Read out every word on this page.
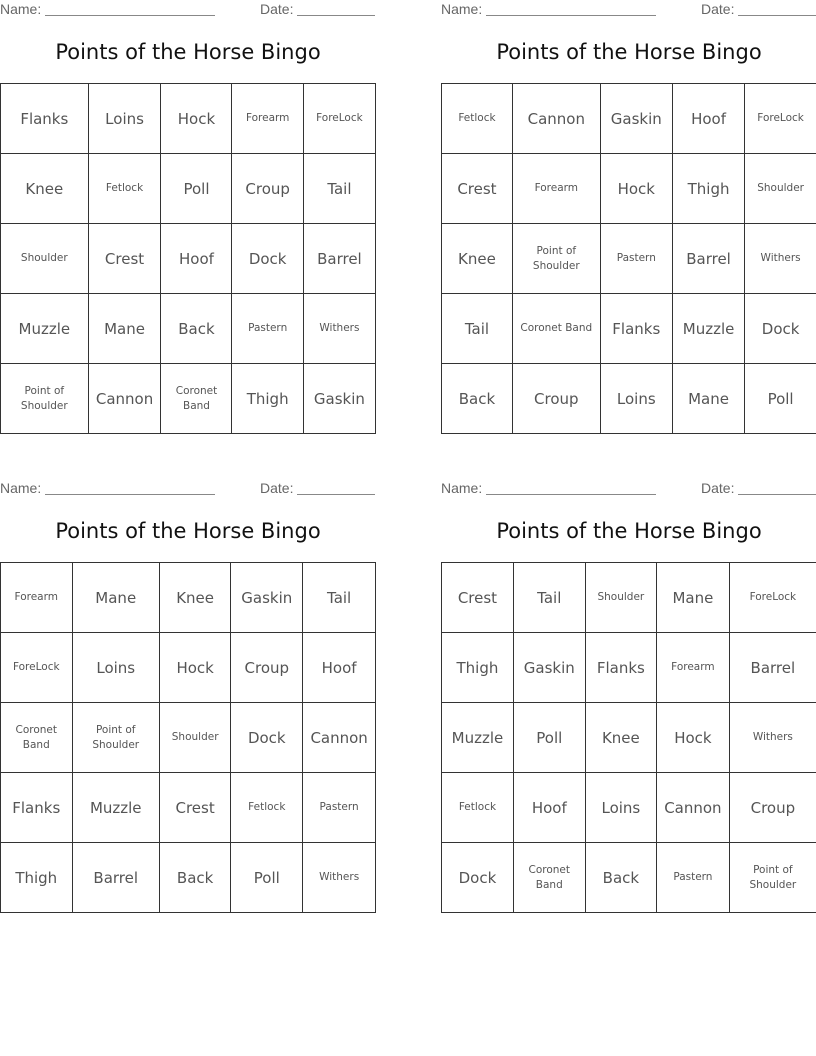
Name:	Date:
Points of the Horse Bingo
Flanks	Loins	Hock	Forearm	ForeLock
Knee	Fetlock	Poll	Croup	Tail
Shoulder	Crest	Hoof	Dock	Barrel
Muzzle	Mane	Back	Pastern	Withers
Point of Shoulder	Cannon	Coronet Band	Thigh	Gaskin
Name:	Date:
Points of the Horse Bingo
Fetlock	Cannon	Gaskin	Hoof	ForeLock
Crest	Forearm	Hock	Thigh	Shoulder
Knee	Point of Shoulder	Pastern	Barrel	Withers
Tail	Coronet Band	Flanks	Muzzle	Dock
Back	Croup	Loins	Mane	Poll
Name:	Date:
Points of the Horse Bingo
Forearm	Mane	Knee	Gaskin	Tail
ForeLock	Loins	Hock	Croup	Hoof
Coronet Band	Point of Shoulder	Shoulder	Dock	Cannon
Flanks	Muzzle	Crest	Fetlock	Pastern
Thigh	Barrel	Back	Poll	Withers
Name:	Date:
Points of the Horse Bingo
Crest	Tail	Shoulder	Mane	ForeLock
Thigh	Gaskin	Flanks	Forearm	Barrel
Muzzle	Poll	Knee	Hock	Withers
Fetlock	Hoof	Loins	Cannon	Croup
Dock	Coronet Band	Back	Pastern	Point of Shoulder
